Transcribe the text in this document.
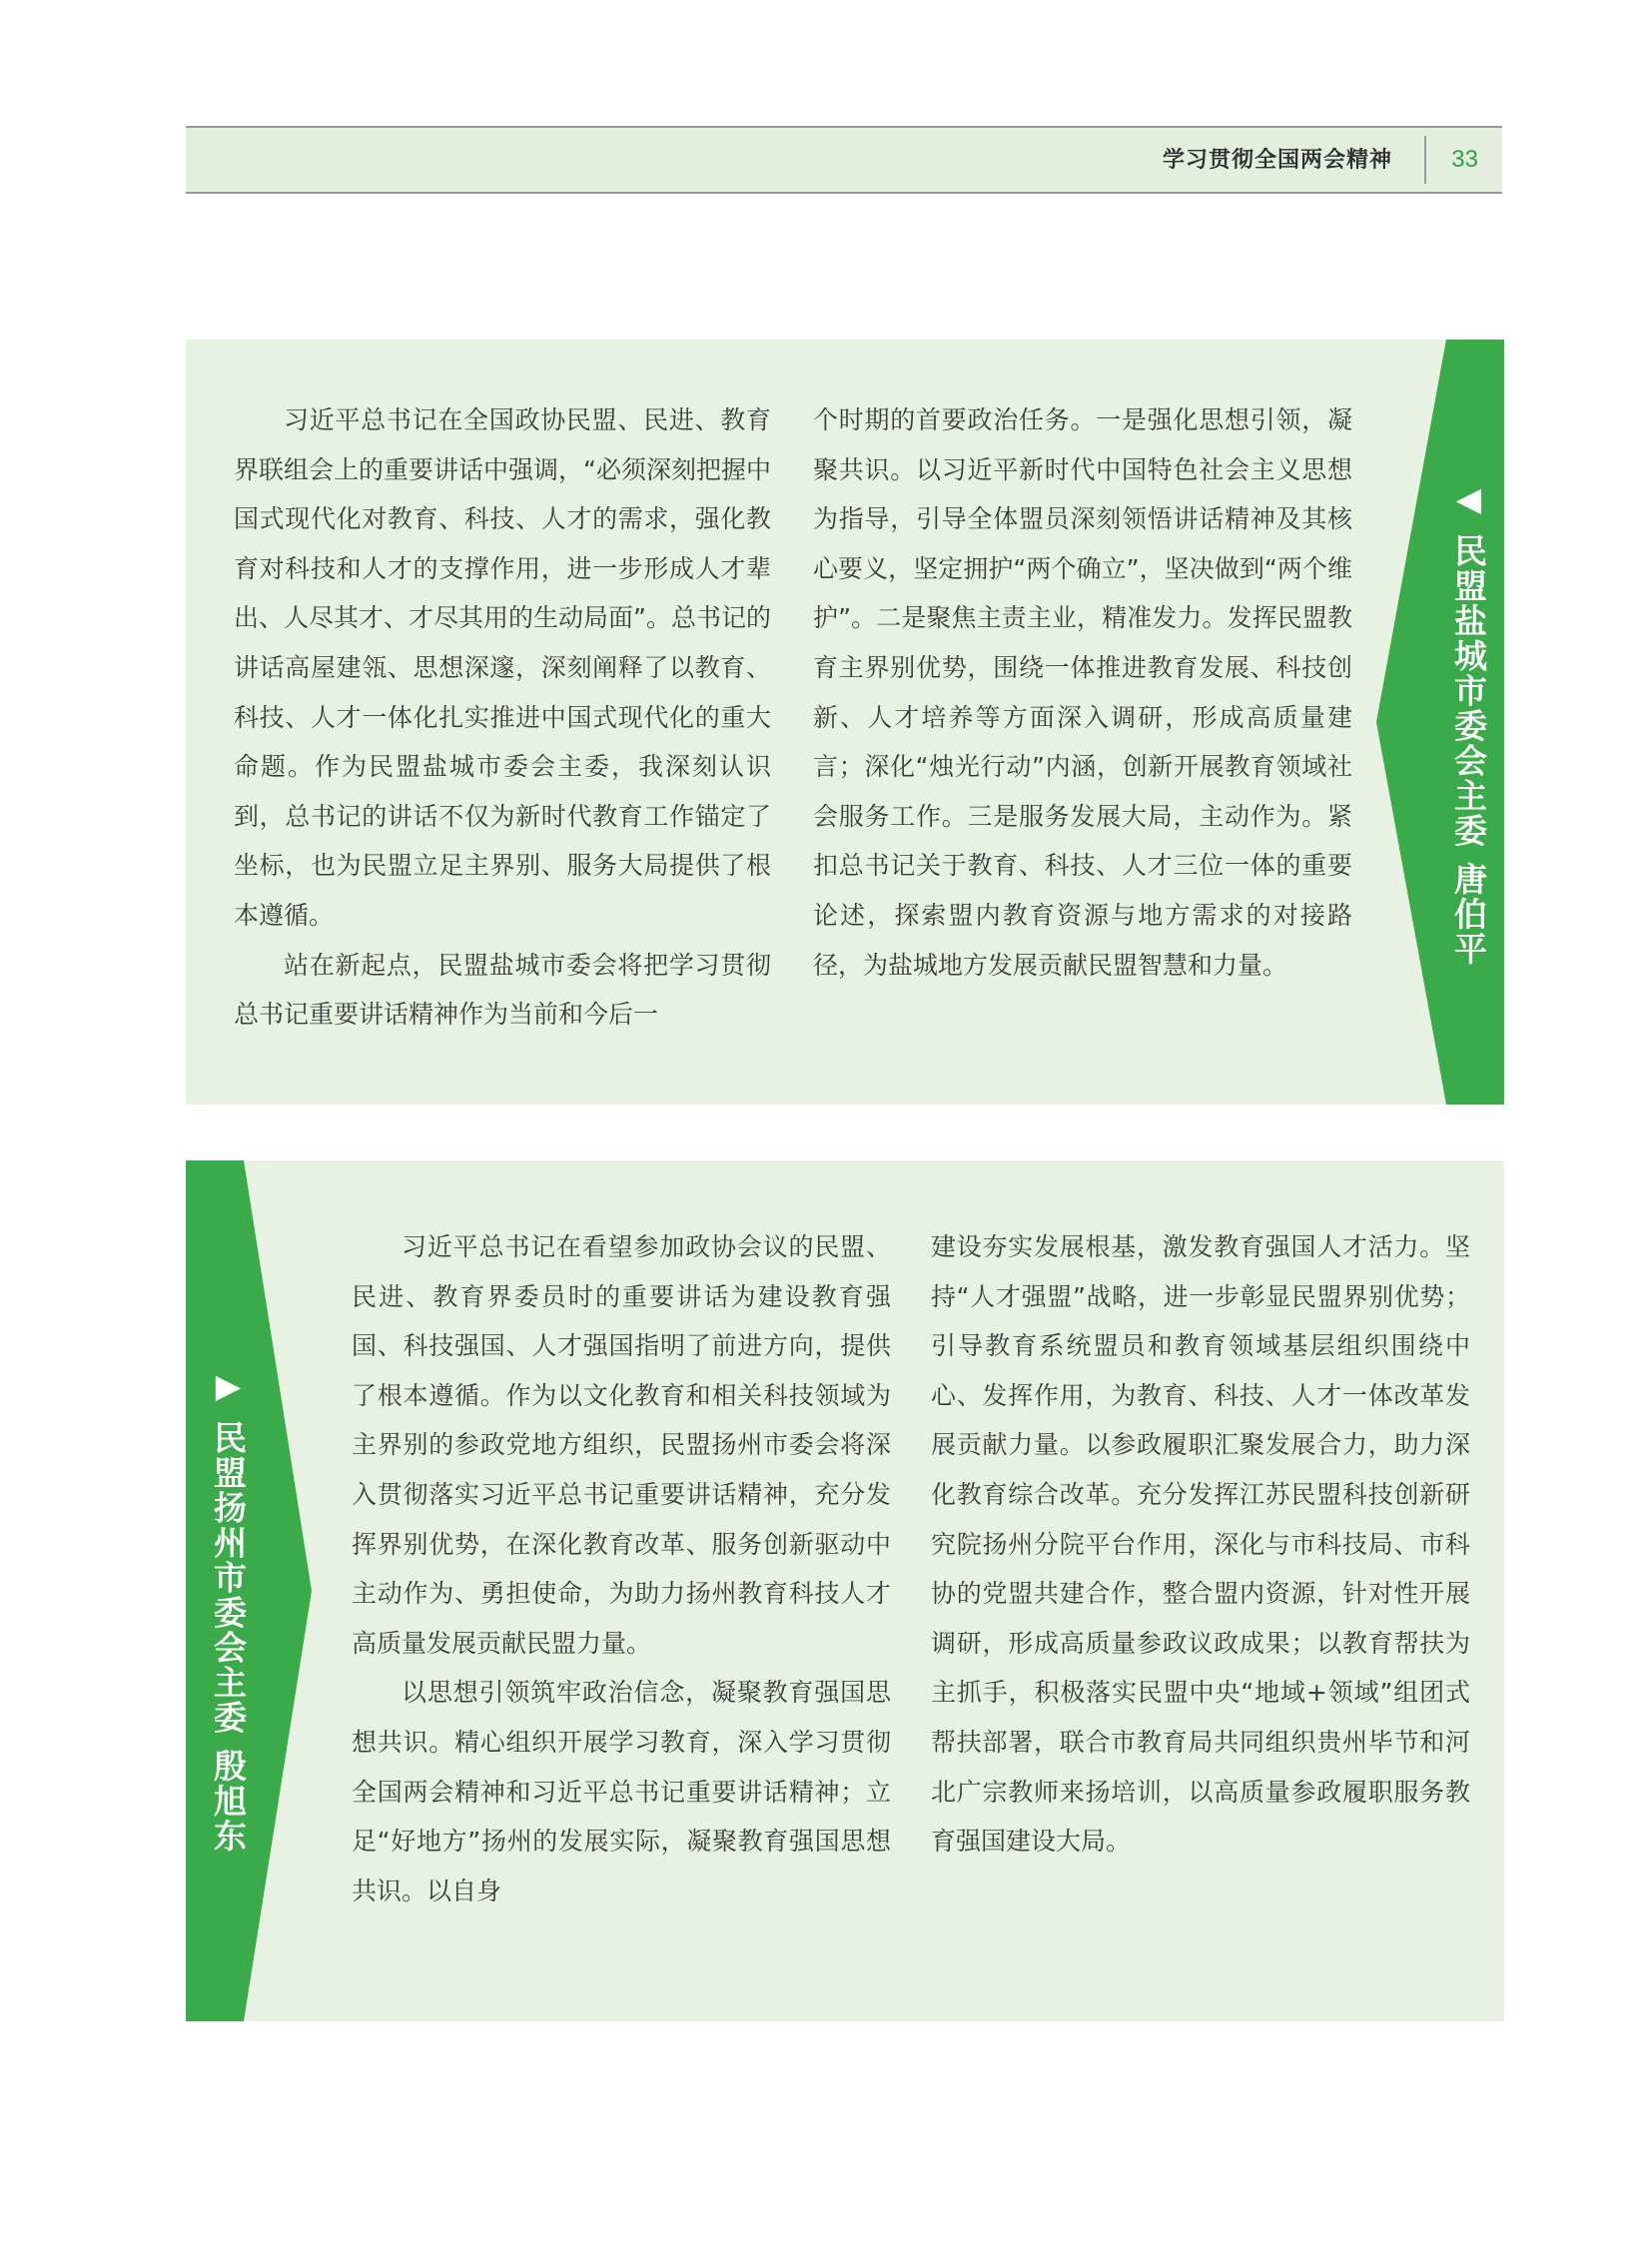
学习贯彻全国两会精神 33
◀ 民盟盐城市委会主委 唐伯平

习近平总书记在全国政协民盟、民进、教育界联组会上的重要讲话中强调，“必须深刻把握中国式现代化对教育、科技、人才的需求，强化教育对科技和人才的支撑作用，进一步形成人才辈出、人尽其才、才尽其用的生动局面”。总书记的讲话高屋建瓴、思想深邃，深刻阐释了以教育、科技、人才一体化扎实推进中国式现代化的重大命题。作为民盟盐城市委会主委，我深刻认识到，总书记的讲话不仅为新时代教育工作锚定了坐标，也为民盟立足主界别、服务大局提供了根本遵循。

站在新起点，民盟盐城市委会将把学习贯彻总书记重要讲话精神作为当前和今后一

个时期的首要政治任务。一是强化思想引领，凝聚共识。以习近平新时代中国特色社会主义思想为指导，引导全体盟员深刻领悟讲话精神及其核心要义，坚定拥护“两个确立”，坚决做到“两个维护”。二是聚焦主责主业，精准发力。发挥民盟教育主界别优势，围绕一体推进教育发展、科技创新、人才培养等方面深入调研，形成高质量建言；深化“烛光行动”内涵，创新开展教育领域社会服务工作。三是服务发展大局，主动作为。紧扣总书记关于教育、科技、人才三位一体的重要论述，探索盟内教育资源与地方需求的对接路径，为盐城地方发展贡献民盟智慧和力量。

▶ 民盟扬州市委会主委 殷旭东

习近平总书记在看望参加政协会议的民盟、民进、教育界委员时的重要讲话为建设教育强国、科技强国、人才强国指明了前进方向，提供了根本遵循。作为以文化教育和相关科技领域为主界别的参政党地方组织，民盟扬州市委会将深入贯彻落实习近平总书记重要讲话精神，充分发挥界别优势，在深化教育改革、服务创新驱动中主动作为、勇担使命，为助力扬州教育科技人才高质量发展贡献民盟力量。

以思想引领筑牢政治信念，凝聚教育强国思想共识。精心组织开展学习教育，深入学习贯彻全国两会精神和习近平总书记重要讲话精神；立足“好地方”扬州的发展实际，凝聚教育强国思想共识。以自身

建设夯实发展根基，激发教育强国人才活力。坚持“人才强盟”战略，进一步彰显民盟界别优势；引导教育系统盟员和教育领域基层组织围绕中心、发挥作用，为教育、科技、人才一体改革发展贡献力量。以参政履职汇聚发展合力，助力深化教育综合改革。充分发挥江苏民盟科技创新研究院扬州分院平台作用，深化与市科技局、市科协的党盟共建合作，整合盟内资源，针对性开展调研，形成高质量参政议政成果；以教育帮扶为主抓手，积极落实民盟中央“地域+领域”组团式帮扶部署，联合市教育局共同组织贵州毕节和河北广宗教师来扬培训，以高质量参政履职服务教育强国建设大局。
